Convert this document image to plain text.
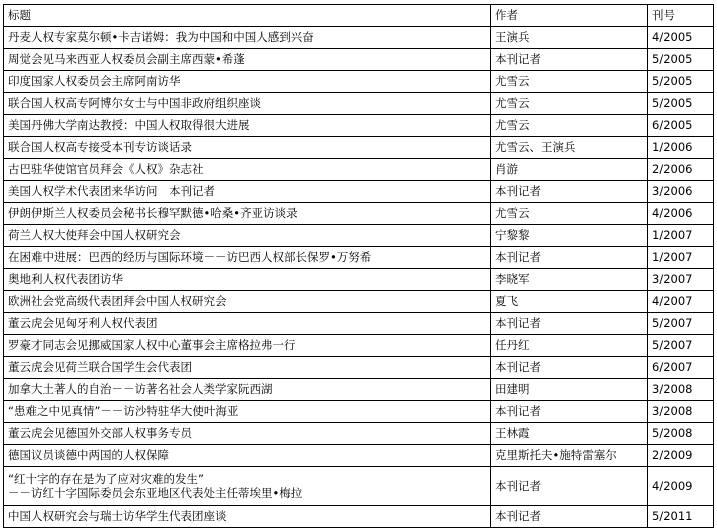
标题	作者	刊号
丹麦人权专家莫尔顿•卡吉诺姆：我为中国和中国人感到兴奋	王演兵	4/2005
周觉会见马来西亚人权委员会副主席西蒙•希蓬	本刊记者	5/2005
印度国家人权委员会主席阿南访华	尤雪云	5/2005
联合国人权高专阿博尔女士与中国非政府组织座谈	尤雪云	5/2005
美国丹佛大学南达教授：中国人权取得很大进展	尤雪云	6/2005
联合国人权高专接受本刊专访谈话录	尤雪云、王演兵	1/2006
古巴驻华使馆官员拜会《人权》杂志社	肖游	2/2006
美国人权学术代表团来华访问　本刊记者	本刊记者	3/2006
伊朗伊斯兰人权委员会秘书长穆罕默德•哈桑•齐亚访谈录	尤雪云	4/2006
荷兰人权大使拜会中国人权研究会	宁黎黎	1/2007
在困难中进展：巴西的经历与国际环境－－访巴西人权部长保罗•万努希	本刊记者	1/2007
奥地利人权代表团访华	李晓军	3/2007
欧洲社会党高级代表团拜会中国人权研究会	夏飞	4/2007
董云虎会见匈牙利人权代表团	本刊记者	5/2007
罗豪才同志会见挪威国家人权中心董事会主席格拉弗一行	任丹红	5/2007
董云虎会见荷兰联合国学生会代表团	本刊记者	6/2007
加拿大土著人的自治－－访著名社会人类学家阮西湖	田建明	3/2008
“患难之中见真情”－－访沙特驻华大使叶海亚	本刊记者	3/2008
董云虎会见德国外交部人权事务专员	王林霞	5/2008
德国议员谈德中两国的人权保障	克里斯托夫•施特雷塞尔	2/2009
“红十字的存在是为了应对灾难的发生”
－－访红十字国际委员会东亚地区代表处主任蒂埃里•梅拉	本刊记者	4/2009
中国人权研究会与瑞士访华学生代表团座谈	本刊记者	5/2011
